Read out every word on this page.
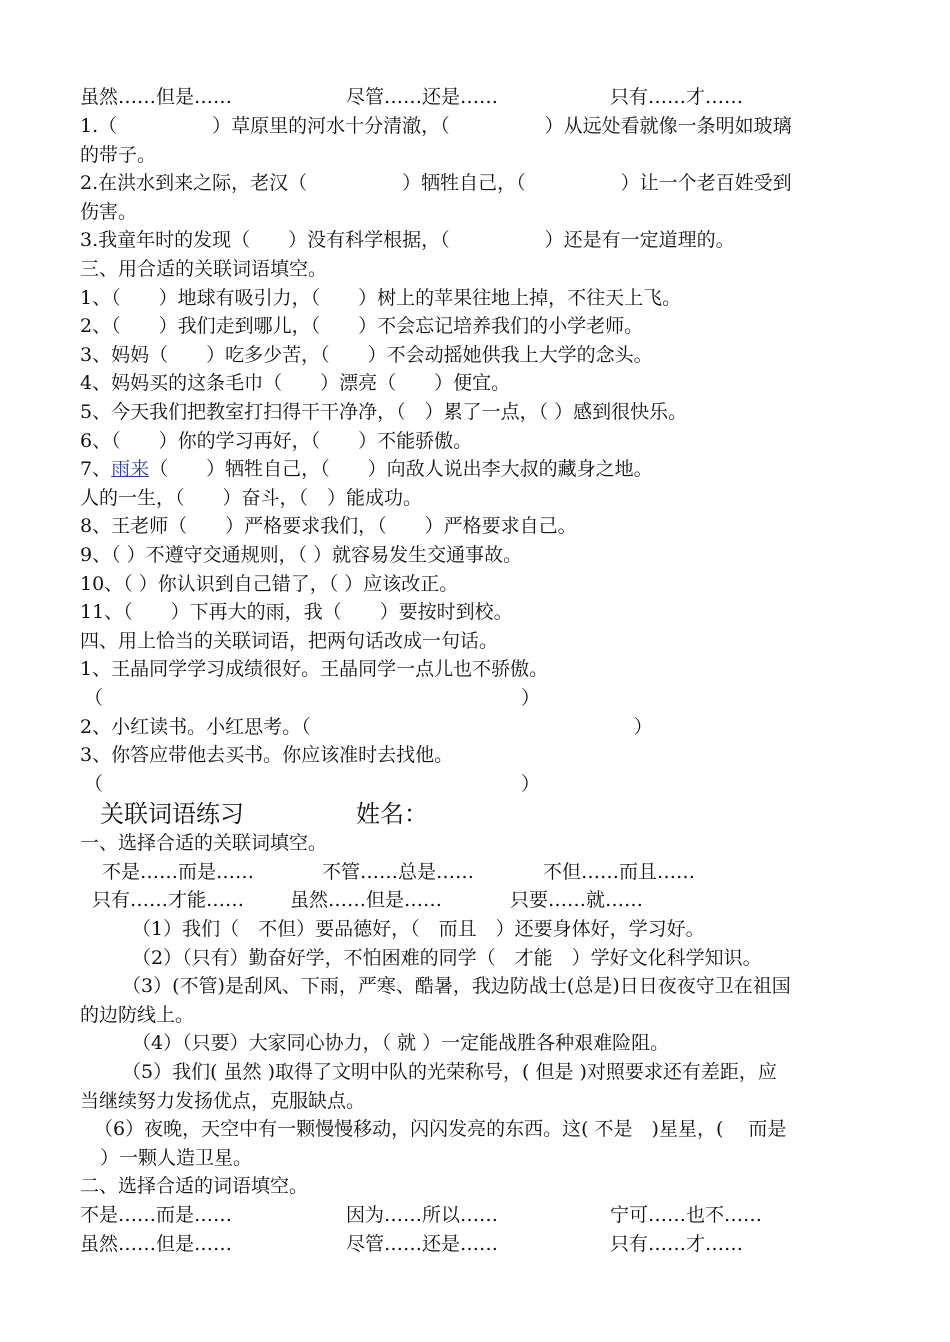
虽然……但是……	尽管……还是……	只有……才……
1.（　　　　　）草原里的河水十分清澈，（　　　　　）从远处看就像一条明如玻璃
的带子。
2.在洪水到来之际，老汉（　　　　　）牺牲自己，（　　　　　）让一个老百姓受到
伤害。
3.我童年时的发现（　　）没有科学根据，（　　　　　）还是有一定道理的。
三、用合适的关联词语填空。
1、（　　）地球有吸引力，（　　）树上的苹果往地上掉，不往天上飞。
2、（　　）我们走到哪儿，（　　）不会忘记培养我们的小学老师。
3、妈妈（　　）吃多少苦，（　　）不会动摇她供我上大学的念头。
4、妈妈买的这条毛巾（　　）漂亮（　　）便宜。
5、今天我们把教室打扫得干干净净，（　）累了一点，（ ）感到很快乐。
6、（　　）你的学习再好，（　　）不能骄傲。
7、雨来（　　）牺牲自己，（　　）向敌人说出李大叔的藏身之地。
人的一生，（　　）奋斗，（　）能成功。
8、王老师（　　）严格要求我们，（　　）严格要求自己。
9、（ ）不遵守交通规则，（ ）就容易发生交通事故。
10、（ ）你认识到自己错了，（ ）应该改正。
11、（　　）下再大的雨，我（　　）要按时到校。
四、用上恰当的关联词语，把两句话改成一句话。
1、王晶同学学习成绩很好。王晶同学一点儿也不骄傲。
（　　　　　　　　　　　　　　　　　　　　　　）
2、小红读书。小红思考。（　　　　　　　　　　　　　　　　　）
3、你答应带他去买书。你应该准时去找他。
（　　　　　　　　　　　　　　　　　　　　　　）
关联词语练习	姓名：
一、选择合适的关联词填空。
不是……而是……	不管……总是……	不但……而且……
只有……才能…… 虽然……但是……	只要……就……
（1）我们（　不但）要品德好，（　而且　）还要身体好，学习好。
（2）（只有）勤奋好学，不怕困难的同学（　才能　）学好文化科学知识。
（3）(不管)是刮风、下雨，严寒、酷暑，我边防战士(总是)日日夜夜守卫在祖国
的边防线上。
（4）（只要）大家同心协力，（ 就 ）一定能战胜各种艰难险阻。
（5）我们( 虽然 )取得了文明中队的光荣称号，( 但是 )对照要求还有差距，应
当继续努力发扬优点，克服缺点。
（6）夜晚，天空中有一颗慢慢移动，闪闪发亮的东西。这( 不是　)星星，(　 而是
）一颗人造卫星。
二、选择合适的词语填空。
不是……而是……	因为……所以……	宁可……也不……
虽然……但是……	尽管……还是……	只有……才……
